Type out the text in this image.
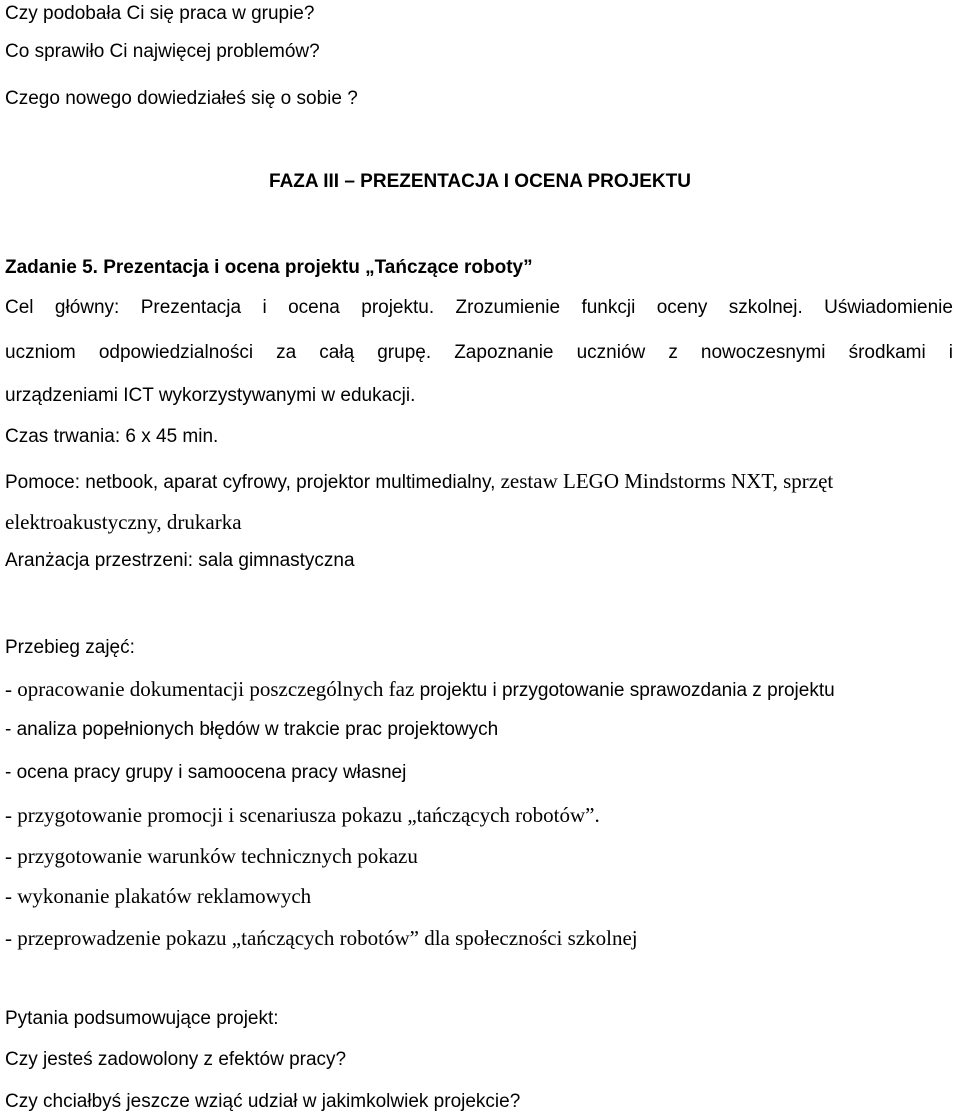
Czy podobała Ci się praca w grupie?
Co sprawiło Ci najwięcej problemów?
Czego nowego dowiedziałeś się o sobie ?
FAZA III – PREZENTACJA I OCENA PROJEKTU
Zadanie 5. Prezentacja i ocena projektu „Tańczące roboty”
Cel główny: Prezentacja i ocena projektu. Zrozumienie funkcji oceny szkolnej. Uświadomienie
uczniom odpowiedzialności za całą grupę. Zapoznanie uczniów z nowoczesnymi środkami i
urządzeniami ICT wykorzystywanymi w edukacji.
Czas trwania: 6 x 45 min.
Pomoce: netbook, aparat cyfrowy, projektor multimedialny, zestaw LEGO Mindstorms NXT, sprzęt
elektroakustyczny, drukarka
Aranżacja przestrzeni: sala gimnastyczna
Przebieg zajęć:
- opracowanie dokumentacji poszczególnych faz projektu i przygotowanie sprawozdania z projektu
- analiza popełnionych błędów w trakcie prac projektowych
- ocena pracy grupy i samoocena pracy własnej
- przygotowanie promocji i scenariusza pokazu „tańczących robotów”.
- przygotowanie warunków technicznych pokazu
- wykonanie plakatów reklamowych
- przeprowadzenie pokazu „tańczących robotów” dla społeczności szkolnej
Pytania podsumowujące projekt:
Czy jesteś zadowolony z efektów pracy?
Czy chciałbyś jeszcze wziąć udział w jakimkolwiek projekcie?
